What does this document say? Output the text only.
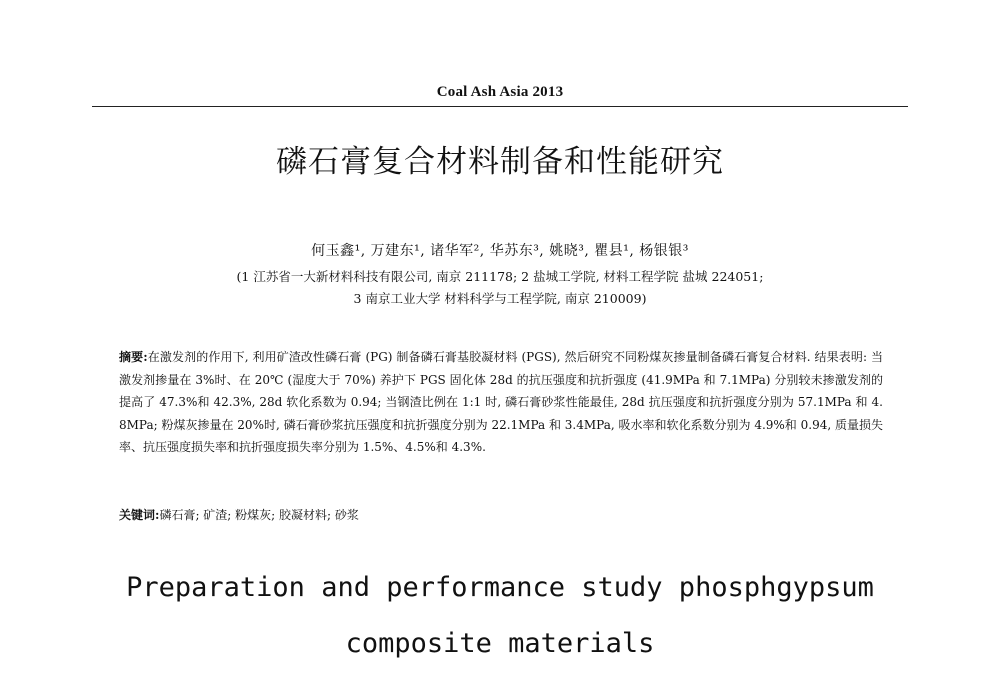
Coal Ash Asia 2013
磷石膏复合材料制备和性能研究
何玉鑫¹, 万建东¹, 诸华军², 华苏东³, 姚晓³, 瞿县¹, 杨银银³
(1 江苏省一大新材料科技有限公司, 南京 211178; 2 盐城工学院, 材料工程学院 盐城 224051;
3 南京工业大学 材料科学与工程学院, 南京 210009)
摘要:在激发剂的作用下, 利用矿渣改性磷石膏 (PG) 制备磷石膏基胶凝材料 (PGS), 然后研究不同粉煤灰掺量制备磷石膏复合材料. 结果表明: 当激发剂掺量在 3%时、在 20℃ (湿度大于 70%) 养护下 PGS 固化体 28d 的抗压强度和抗折强度 (41.9MPa 和 7.1MPa) 分别较未掺激发剂的提高了 47.3%和 42.3%, 28d 软化系数为 0.94; 当钢渣比例在 1:1 时, 磷石膏砂浆性能最佳, 28d 抗压强度和抗折强度分别为 57.1MPa 和 4.8MPa; 粉煤灰掺量在 20%时, 磷石膏砂浆抗压强度和抗折强度分别为 22.1MPa 和 3.4MPa, 吸水率和软化系数分别为 4.9%和 0.94, 质量损失率、抗压强度损失率和抗折强度损失率分别为 1.5%、4.5%和 4.3%.
关键词:磷石膏; 矿渣; 粉煤灰; 胶凝材料; 砂浆
Preparation and performance study phosphgypsum
composite materials
